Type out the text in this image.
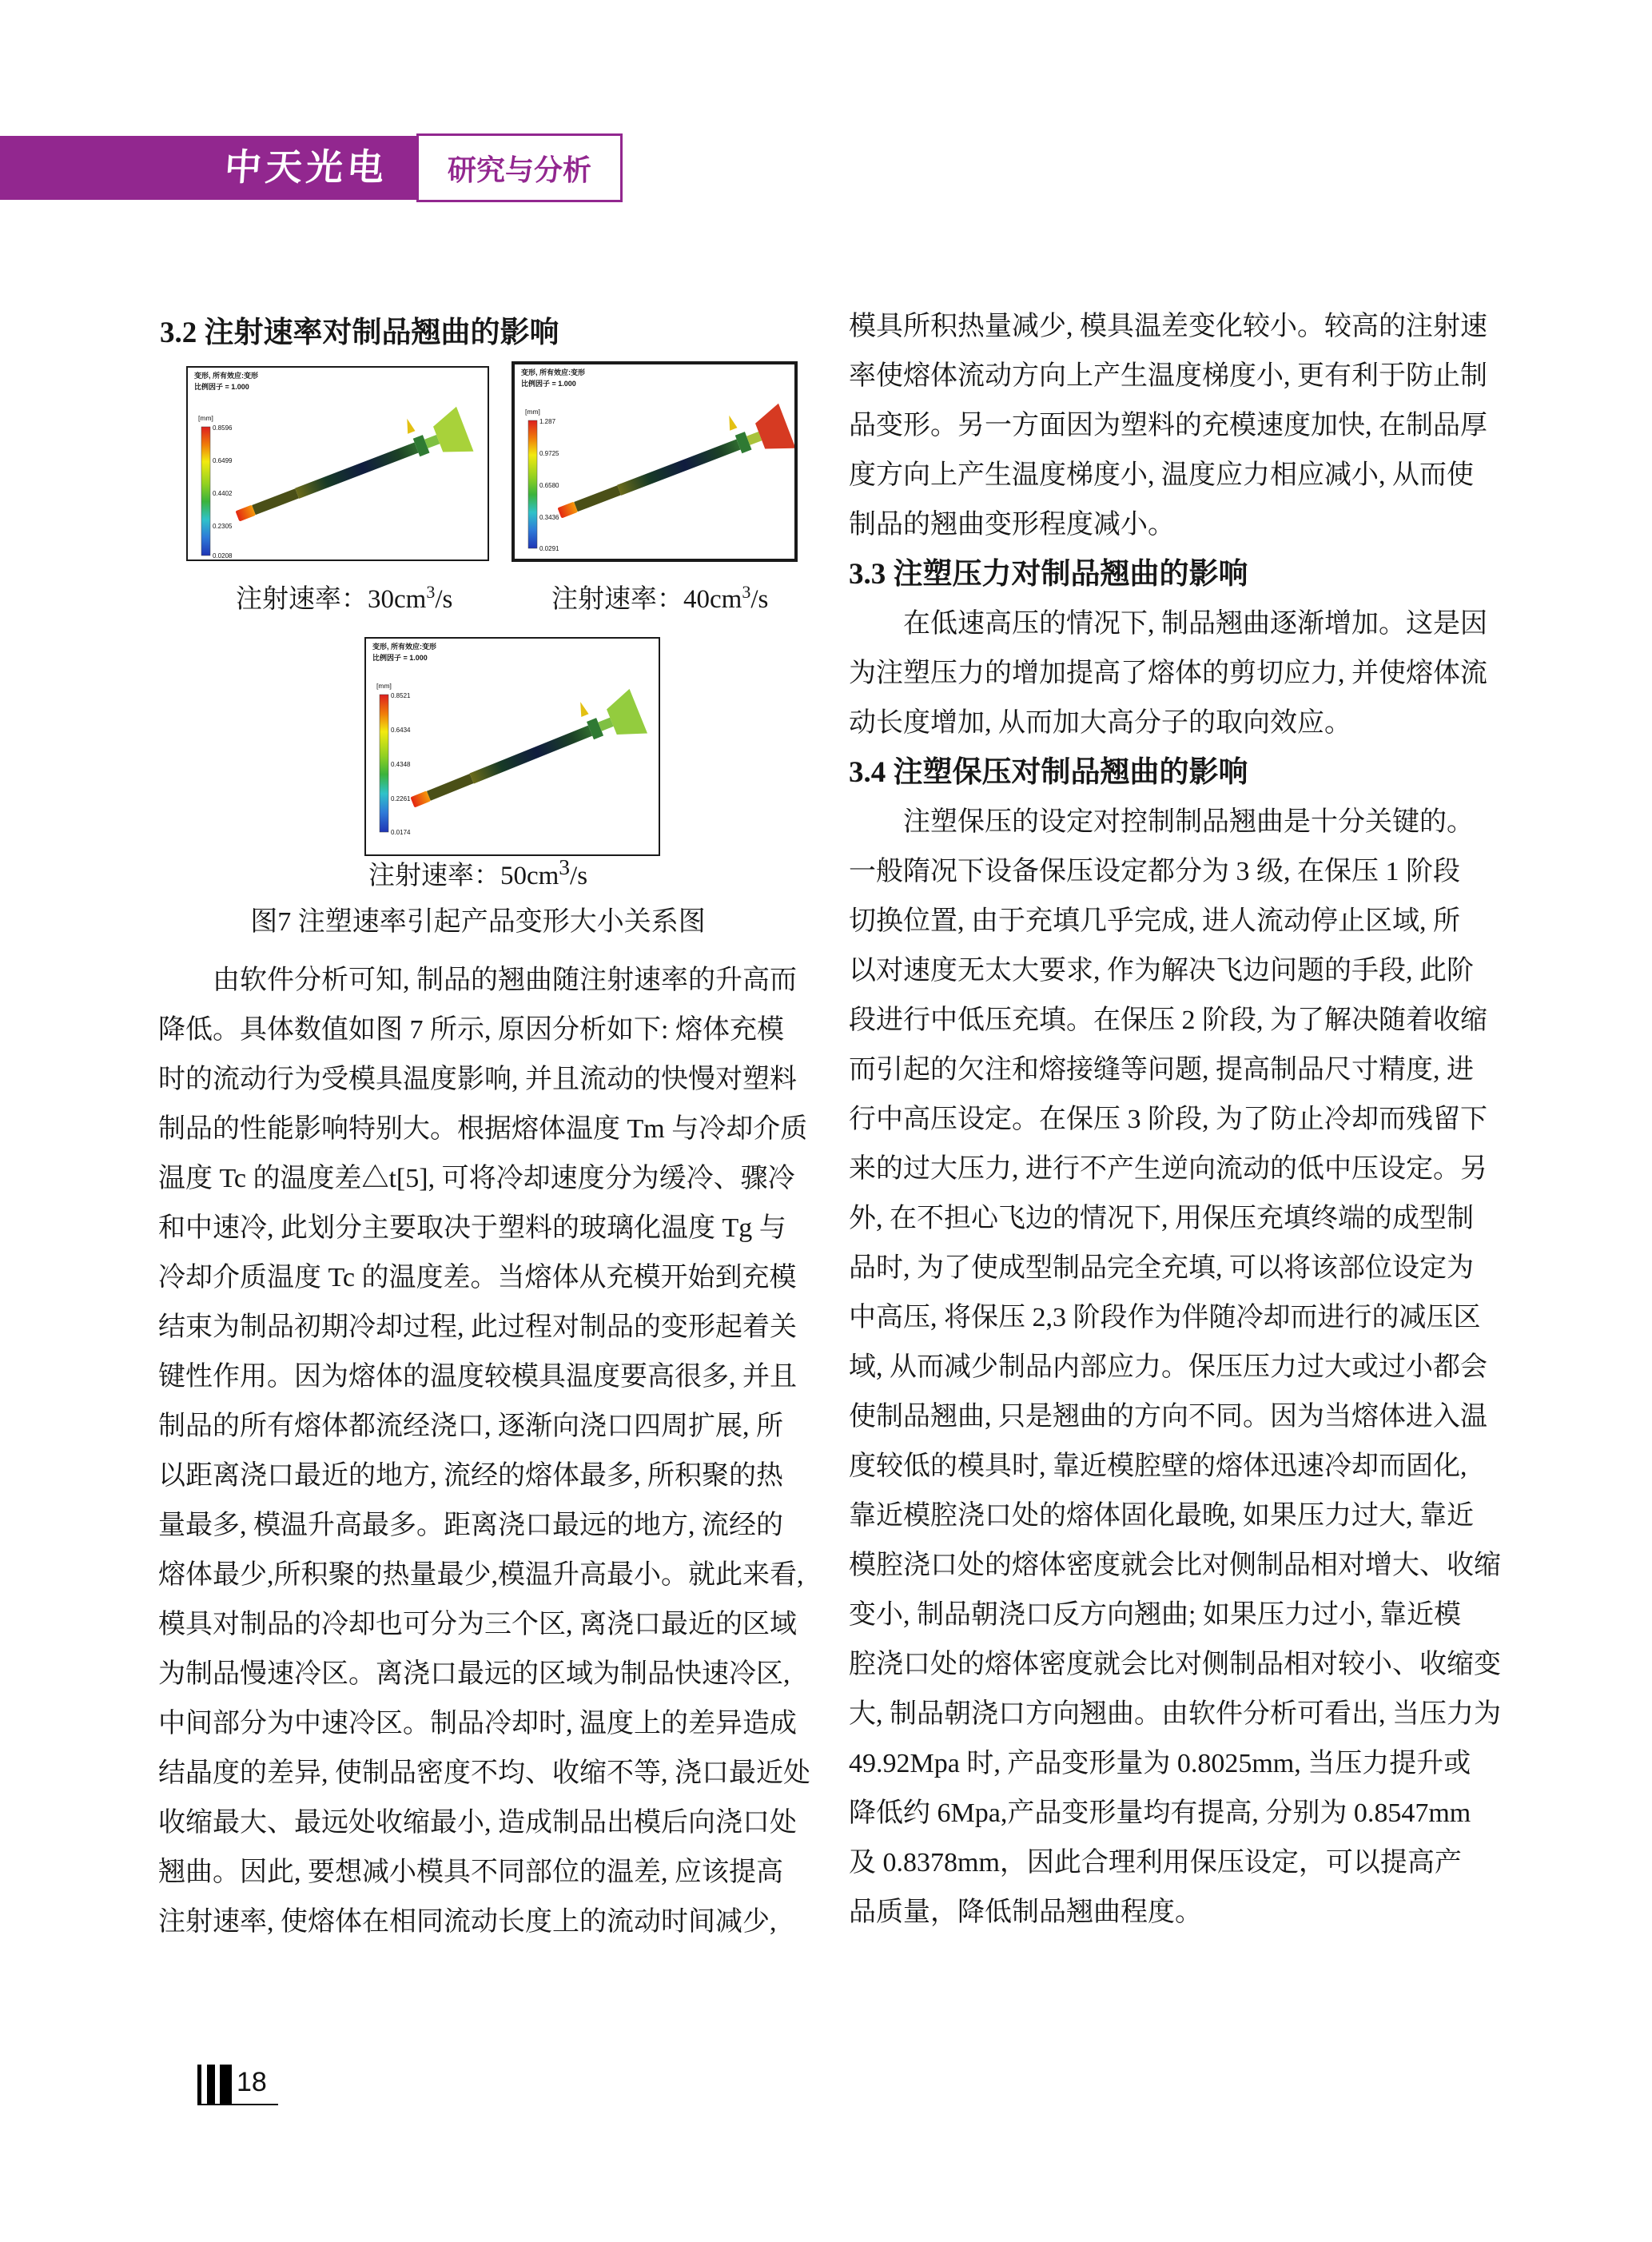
中天光电 研究与分析
3.2 注射速率对制品翘曲的影响
变形, 所有效应:变形
比例因子 = 1.000
[mm]
0.8596
0.6499
0.4402
0.2305
0.0208
变形, 所有效应:变形
比例因子 = 1.000
[mm]
1.287
0.9725
0.6580
0.3436
0.0291
注射速率：$30cm^3/s$	注射速率：$40cm^3/s$
变形, 所有效应:变形
比例因子 = 1.000
[mm]
0.8521
0.6434
0.4348
0.2261
0.0174
注射速率：$50cm^3/s$
图7 注塑速率引起产品变形大小关系图
　　由软件分析可知, 制品的翘曲随注射速率的升高而
降低。具体数值如图 7 所示, 原因分析如下: 熔体充模
时的流动行为受模具温度影响, 并且流动的快慢对塑料
制品的性能影响特别大。根据熔体温度 Tm 与冷却介质
温度 Tc 的温度差△t[5], 可将冷却速度分为缓冷、骤冷
和中速冷, 此划分主要取决于塑料的玻璃化温度 Tg 与
冷却介质温度 Tc 的温度差。当熔体从充模开始到充模
结束为制品初期冷却过程, 此过程对制品的变形起着关
键性作用。因为熔体的温度较模具温度要高很多, 并且
制品的所有熔体都流经浇口, 逐渐向浇口四周扩展, 所
以距离浇口最近的地方, 流经的熔体最多, 所积聚的热
量最多, 模温升高最多。距离浇口最远的地方, 流经的
熔体最少,所积聚的热量最少,模温升高最小。就此来看,
模具对制品的冷却也可分为三个区, 离浇口最近的区域
为制品慢速冷区。离浇口最远的区域为制品快速冷区,
中间部分为中速冷区。制品冷却时, 温度上的差异造成
结晶度的差异, 使制品密度不均、收缩不等, 浇口最近处
收缩最大、最远处收缩最小, 造成制品出模后向浇口处
翘曲。因此, 要想减小模具不同部位的温差, 应该提高
注射速率, 使熔体在相同流动长度上的流动时间减少,
模具所积热量减少, 模具温差变化较小。较高的注射速
率使熔体流动方向上产生温度梯度小, 更有利于防止制
品变形。另一方面因为塑料的充模速度加快, 在制品厚
度方向上产生温度梯度小, 温度应力相应减小, 从而使
制品的翘曲变形程度减小。
3.3 注塑压力对制品翘曲的影响
　　在低速高压的情况下, 制品翘曲逐渐增加。这是因
为注塑压力的增加提高了熔体的剪切应力, 并使熔体流
动长度增加, 从而加大高分子的取向效应。
3.4 注塑保压对制品翘曲的影响
　　注塑保压的设定对控制制品翘曲是十分关键的。
一般隋况下设备保压设定都分为 3 级, 在保压 1 阶段
切换位置, 由于充填几乎完成, 进人流动停止区域, 所
以对速度无太大要求, 作为解决飞边问题的手段, 此阶
段进行中低压充填。在保压 2 阶段, 为了解决随着收缩
而引起的欠注和熔接缝等问题, 提高制品尺寸精度, 进
行中高压设定。在保压 3 阶段, 为了防止冷却而残留下
来的过大压力, 进行不产生逆向流动的低中压设定。另
外, 在不担心飞边的情况下, 用保压充填终端的成型制
品时, 为了使成型制品完全充填, 可以将该部位设定为
中高压, 将保压 2,3 阶段作为伴随冷却而进行的减压区
域, 从而减少制品内部应力。保压压力过大或过小都会
使制品翘曲, 只是翘曲的方向不同。因为当熔体进入温
度较低的模具时, 靠近模腔壁的熔体迅速冷却而固化,
靠近模腔浇口处的熔体固化最晚, 如果压力过大, 靠近
模腔浇口处的熔体密度就会比对侧制品相对增大、收缩
变小, 制品朝浇口反方向翘曲; 如果压力过小, 靠近模
腔浇口处的熔体密度就会比对侧制品相对较小、收缩变
大, 制品朝浇口方向翘曲。由软件分析可看出, 当压力为
49.92Mpa 时, 产品变形量为 0.8025mm, 当压力提升或
降低约 6Mpa,产品变形量均有提高, 分别为 0.8547mm
及 0.8378mm，因此合理利用保压设定，可以提高产
品质量，降低制品翘曲程度。
18
